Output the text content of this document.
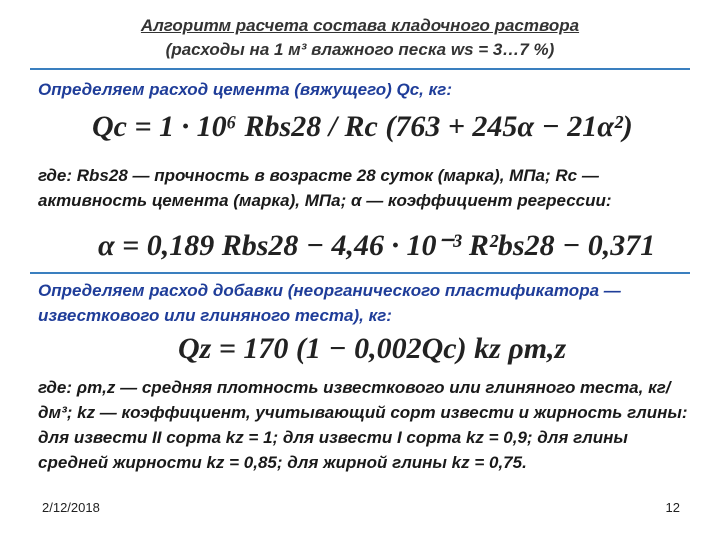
Алгоритм расчета состава кладочного раствора
(расходы на 1 м³ влажного песка ws = 3…7 %)
Определяем расход цемента (вяжущего) Qc, кг:
Qc = 1 · 10⁶ Rbs28 / Rc (763 + 245α − 21α²)
где: Rbs28 — прочность в возрасте 28 суток (марка), МПа; Rc — активность цемента (марка), МПа; α — коэффициент регрессии:
α = 0,189 Rbs28 − 4,46 · 10⁻³ R²bs28 − 0,371
Определяем расход добавки (неорганического пластификатора — известкового или глиняного теста), кг:
Qz = 170 (1 − 0,002Qc) kz ρm,z
где: ρm,z — средняя плотность известкового или глиняного теста, кг/дм³; kz — коэффициент, учитывающий сорт извести и жирность глины: для извести II сорта kz = 1; для извести I сорта kz = 0,9; для глины средней жирности kz = 0,85; для жирной глины kz = 0,75.
2/12/2018	12
